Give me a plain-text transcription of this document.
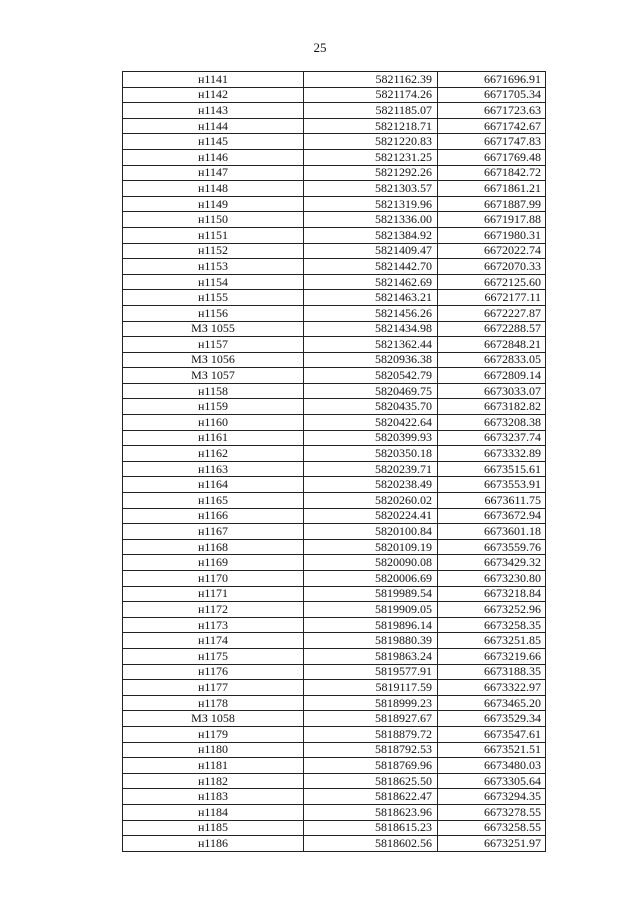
25
н1141	5821162.39	6671696.91
н1142	5821174.26	6671705.34
н1143	5821185.07	6671723.63
н1144	5821218.71	6671742.67
н1145	5821220.83	6671747.83
н1146	5821231.25	6671769.48
н1147	5821292.26	6671842.72
н1148	5821303.57	6671861.21
н1149	5821319.96	6671887.99
н1150	5821336.00	6671917.88
н1151	5821384.92	6671980.31
н1152	5821409.47	6672022.74
н1153	5821442.70	6672070.33
н1154	5821462.69	6672125.60
н1155	5821463.21	6672177.11
н1156	5821456.26	6672227.87
МЗ 1055	5821434.98	6672288.57
н1157	5821362.44	6672848.21
МЗ 1056	5820936.38	6672833.05
МЗ 1057	5820542.79	6672809.14
н1158	5820469.75	6673033.07
н1159	5820435.70	6673182.82
н1160	5820422.64	6673208.38
н1161	5820399.93	6673237.74
н1162	5820350.18	6673332.89
н1163	5820239.71	6673515.61
н1164	5820238.49	6673553.91
н1165	5820260.02	6673611.75
н1166	5820224.41	6673672.94
н1167	5820100.84	6673601.18
н1168	5820109.19	6673559.76
н1169	5820090.08	6673429.32
н1170	5820006.69	6673230.80
н1171	5819989.54	6673218.84
н1172	5819909.05	6673252.96
н1173	5819896.14	6673258.35
н1174	5819880.39	6673251.85
н1175	5819863.24	6673219.66
н1176	5819577.91	6673188.35
н1177	5819117.59	6673322.97
н1178	5818999.23	6673465.20
МЗ 1058	5818927.67	6673529.34
н1179	5818879.72	6673547.61
н1180	5818792.53	6673521.51
н1181	5818769.96	6673480.03
н1182	5818625.50	6673305.64
н1183	5818622.47	6673294.35
н1184	5818623.96	6673278.55
н1185	5818615.23	6673258.55
н1186	5818602.56	6673251.97
